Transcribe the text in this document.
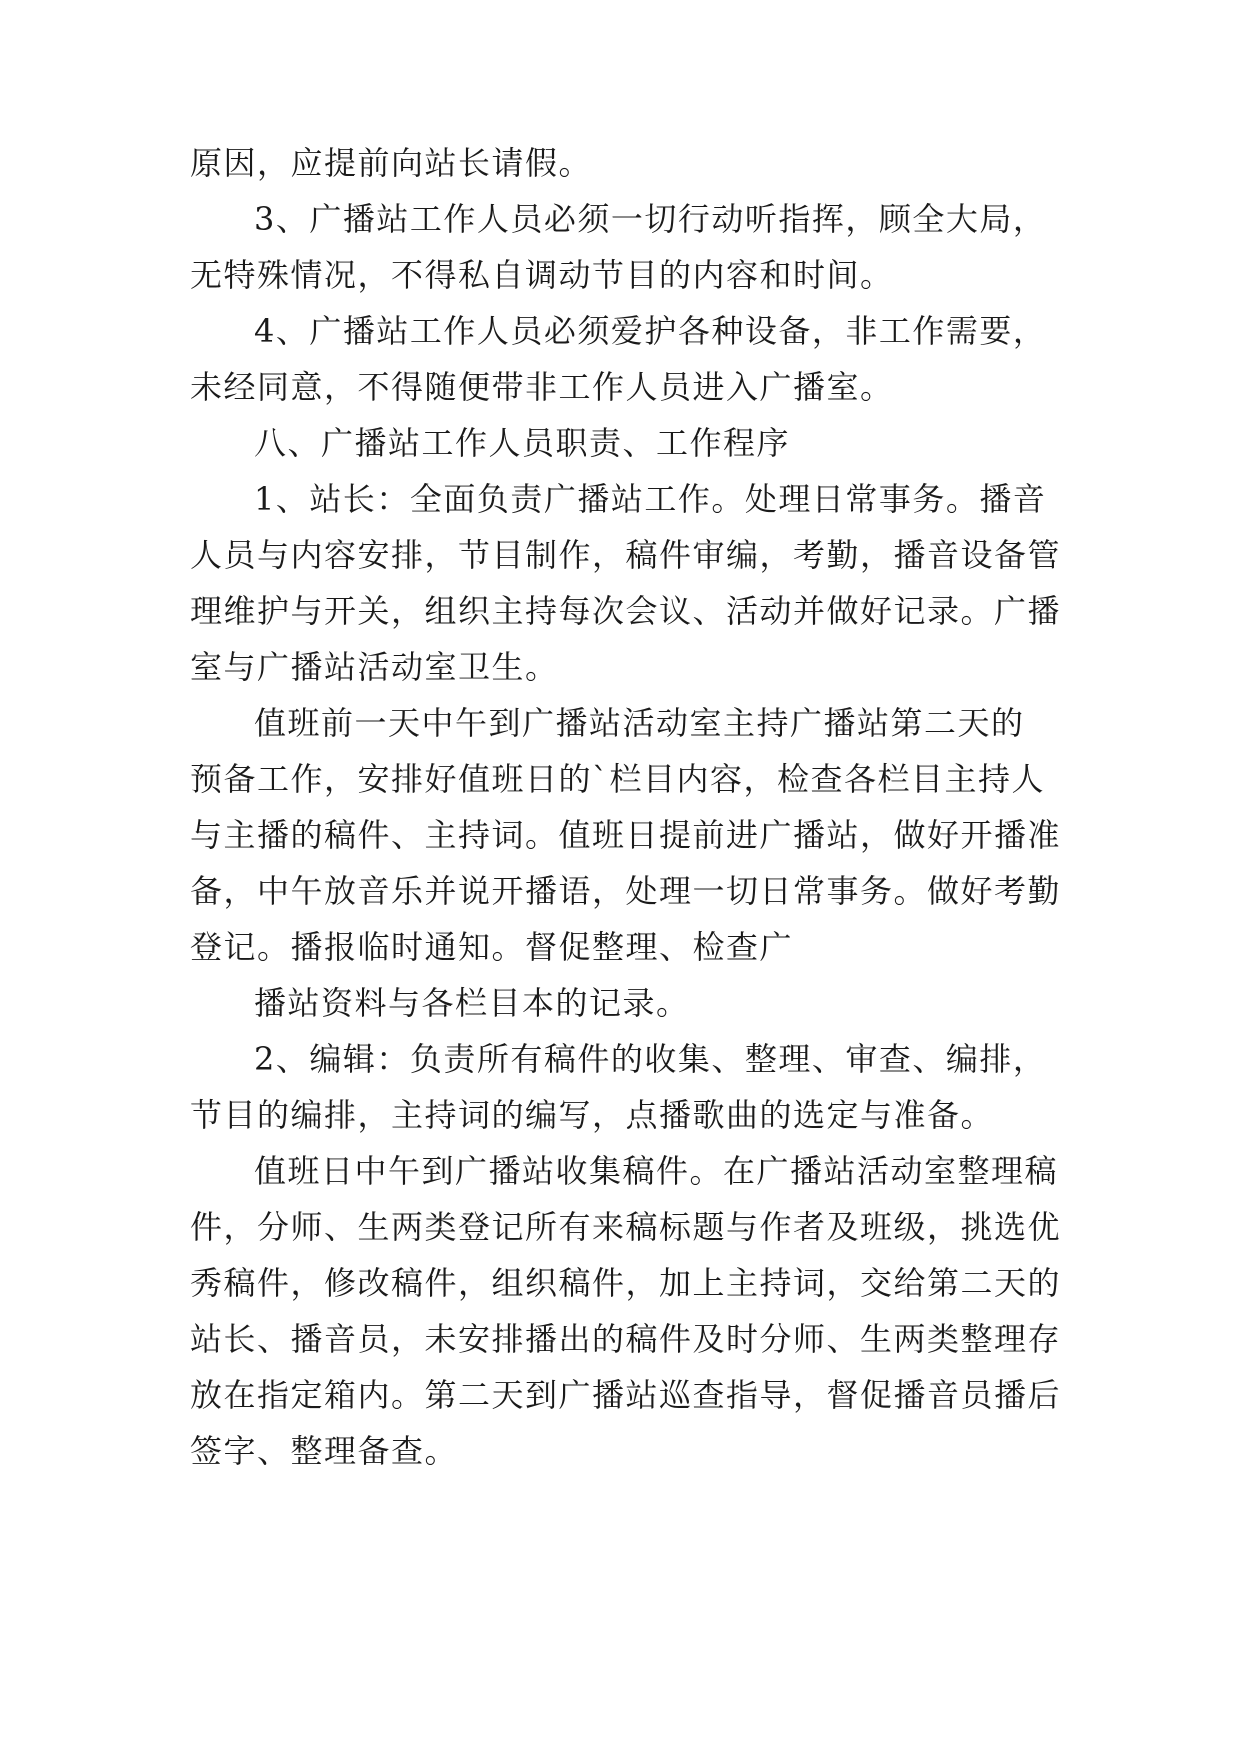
原因，应提前向站长请假。
3、广播站工作人员必须一切行动听指挥，顾全大局，
无特殊情况，不得私自调动节目的内容和时间。
4、广播站工作人员必须爱护各种设备，非工作需要，
未经同意，不得随便带非工作人员进入广播室。
八、广播站工作人员职责、工作程序
1、站长：全面负责广播站工作。处理日常事务。播音
人员与内容安排，节目制作，稿件审编，考勤，播音设备管
理维护与开关，组织主持每次会议、活动并做好记录。广播
室与广播站活动室卫生。
值班前一天中午到广播站活动室主持广播站第二天的
预备工作，安排好值班日的`栏目内容，检查各栏目主持人
与主播的稿件、主持词。值班日提前进广播站，做好开播准
备，中午放音乐并说开播语，处理一切日常事务。做好考勤
登记。播报临时通知。督促整理、检查广
播站资料与各栏目本的记录。
2、编辑：负责所有稿件的收集、整理、审查、编排，
节目的编排，主持词的编写，点播歌曲的选定与准备。
值班日中午到广播站收集稿件。在广播站活动室整理稿
件，分师、生两类登记所有来稿标题与作者及班级，挑选优
秀稿件，修改稿件，组织稿件，加上主持词，交给第二天的
站长、播音员，未安排播出的稿件及时分师、生两类整理存
放在指定箱内。第二天到广播站巡查指导，督促播音员播后
签字、整理备查。
